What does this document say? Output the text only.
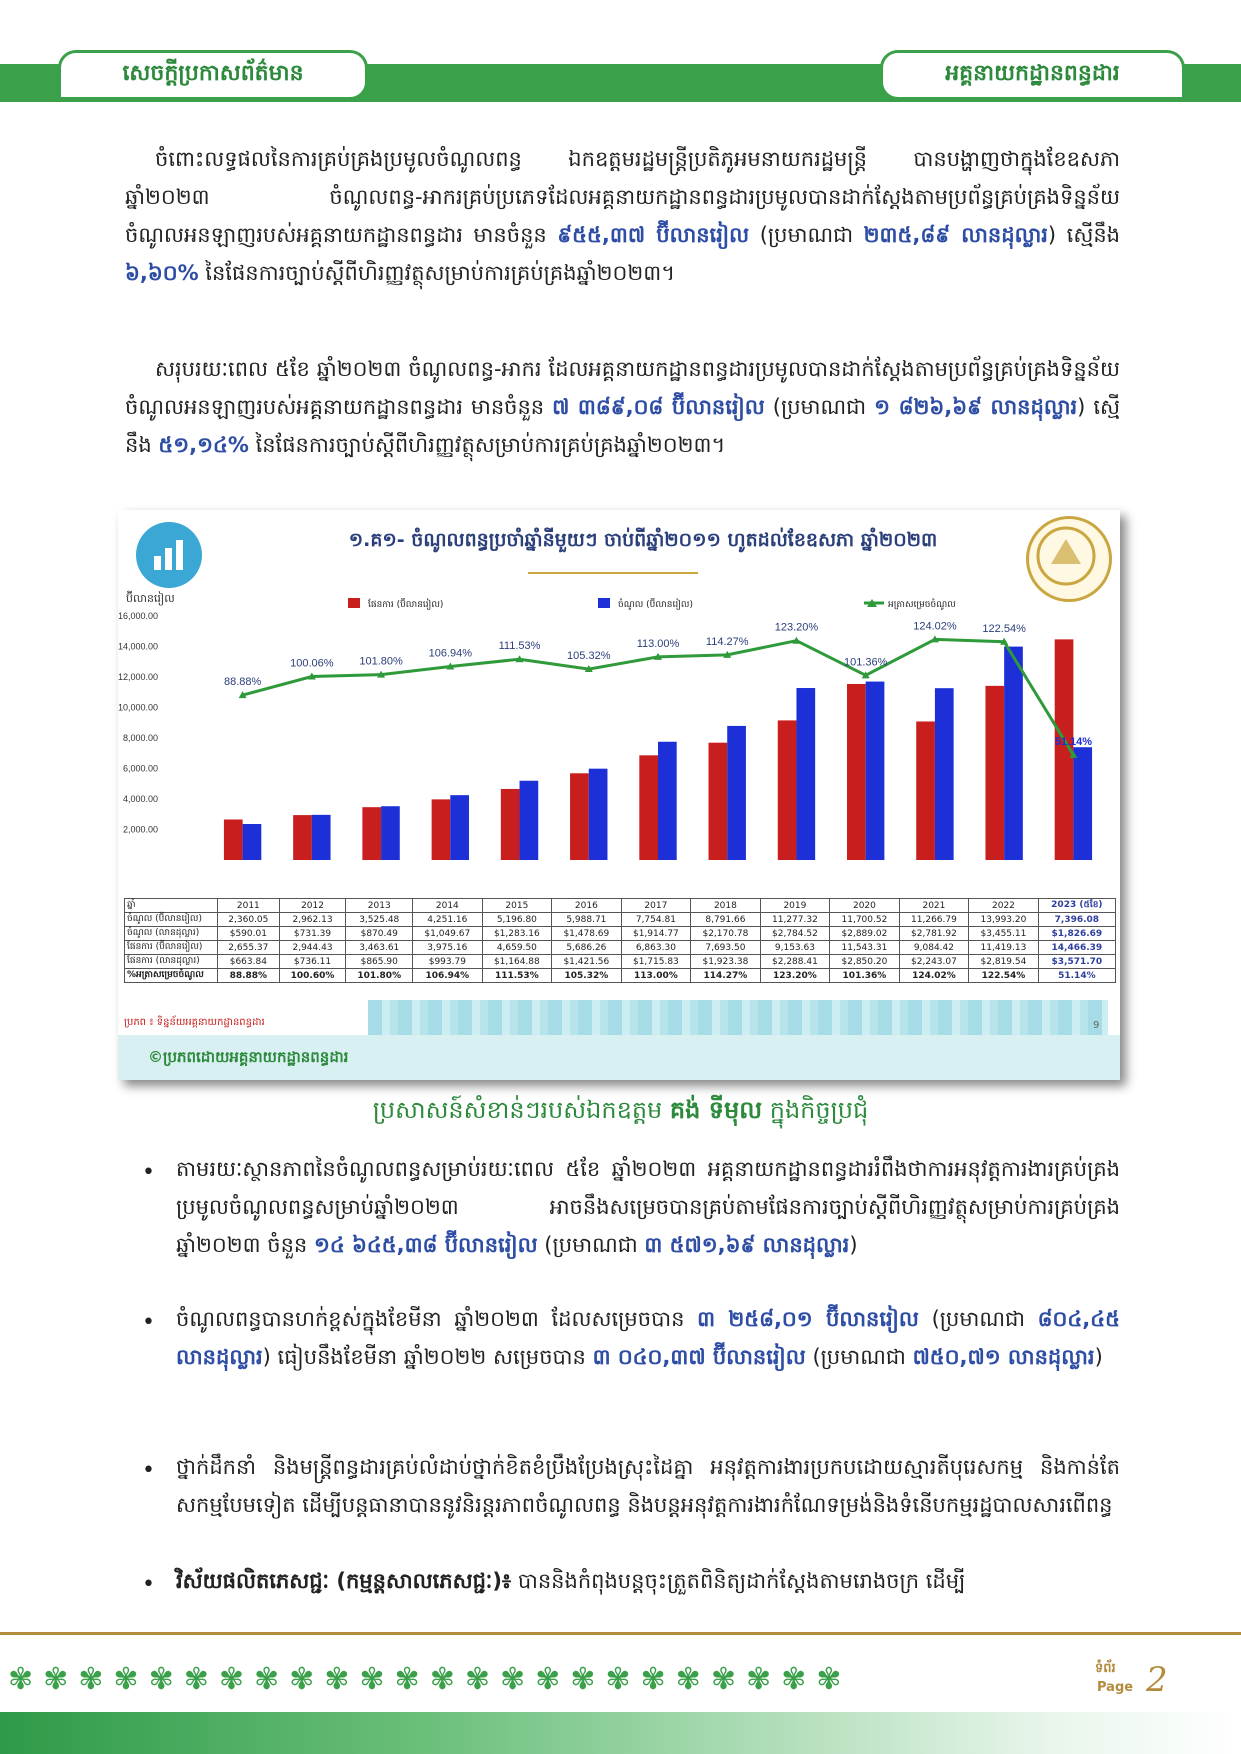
សេចក្តីប្រកាសព័ត៌មាន	អគ្គនាយកដ្ឋានពន្ធដារ
ចំពោះលទ្ធផលនៃការគ្រប់គ្រងប្រមូលចំណូលពន្ធ ឯកឧត្តមរដ្ឋមន្ត្រីប្រតិភូអមនាយករដ្ឋមន្ត្រី បានបង្ហាញថាក្នុងខែឧសភា ឆ្នាំ២០២៣ ចំណូលពន្ធ-អាករគ្រប់ប្រភេទដែលអគ្គនាយកដ្ឋានពន្ធដារប្រមូលបានដាក់ស្តែងតាមប្រព័ន្ធគ្រប់គ្រងទិន្នន័យចំណូលអនឡាញរបស់អគ្គនាយកដ្ឋានពន្ធដារ មានចំនួន ៩៥៥,៣៧ ប៊ីលានរៀល (ប្រមាណជា ២៣៥,៨៩ លានដុល្លារ) ស្មើនឹង ៦,៦០% នៃផែនការច្បាប់ស្តីពីហិរញ្ញវត្ថុសម្រាប់ការគ្រប់គ្រងឆ្នាំ២០២៣។
សរុបរយៈពេល ៥ខែ ឆ្នាំ២០២៣ ចំណូលពន្ធ-អាករ ដែលអគ្គនាយកដ្ឋានពន្ធដារប្រមូលបានដាក់ស្តែងតាមប្រព័ន្ធគ្រប់គ្រងទិន្នន័យចំណូលអនឡាញរបស់អគ្គនាយកដ្ឋានពន្ធដារ មានចំនួន ៧ ៣៨៩,០៨ ប៊ីលានរៀល (ប្រមាណជា ១ ៨២៦,៦៩ លានដុល្លារ) ស្មើនឹង ៥១,១៤% នៃផែនការច្បាប់ស្តីពីហិរញ្ញវត្ថុសម្រាប់ការគ្រប់គ្រងឆ្នាំ២០២៣។
១.គ១- ចំណូលពន្ធប្រចាំឆ្នាំនីមួយៗ ចាប់ពីឆ្នាំ២០១១ ហូតដល់ខែឧសភា ឆ្នាំ២០២៣
ប៊ីលានរៀល
2,000.00
4,000.00
6,000.00
8,000.00
10,000.00
12,000.00
14,000.00
16,000.00
ផែនការ (ប៊ីលានរៀល)	ចំណូល (ប៊ីលានរៀល)	អត្រាសម្រេចចំណូល
88.88%
100.06% 101.80%
106.94%
111.53%
105.32%
113.00% 114.27%
123.20%
101.36%
124.02% 122.54%
51.14%
ឆ្នាំ	2011	2012	2013	2014	2015	2016	2017	2018	2019	2020	2021	2022	2023 (៥ខែ)
ចំណូល (ប៊ីលានរៀល)	2,360.05	2,962.13	3,525.48	4,251.16	5,196.80	5,988.71	7,754.81	8,791.66	11,277.32	11,700.52	11,266.79	13,993.20	7,396.08
ចំណូល (លានដុល្លារ)	$590.01	$731.39	$870.49	$1,049.67	$1,283.16	$1,478.69	$1,914.77	$2,170.78	$2,784.52	$2,889.02	$2,781.92	$3,455.11	$1,826.69
ផែនការ (ប៊ីលានរៀល)	2,655.37	2,944.43	3,463.61	3,975.16	4,659.50	5,686.26	6,863.30	7,693.50	9,153.63	11,543.31	9,084.42	11,419.13	14,466.39
ផែនការ (លានដុល្លារ)	$663.84	$736.11	$865.90	$993.79	$1,164.88	$1,421.56	$1,715.83	$1,923.38	$2,288.41	$2,850.20	$2,243.07	$2,819.54	$3,571.70
%អត្រាសម្រេចចំណូល	88.88%	100.60%	101.80%	106.94%	111.53%	105.32%	113.00%	114.27%	123.20%	101.36%	124.02%	122.54%	51.14%
ប្រភព ៖ ទិន្នន័យអគ្គនាយកដ្ឋានពន្ធដារ
©ប្រភពដោយអគ្គនាយកដ្ឋានពន្ធដារ
9
ប្រសាសន៍សំខាន់ៗរបស់ឯកឧត្តម គង់ ទីមុល ក្នុងកិច្ចប្រជុំ
• តាមរយៈស្ថានភាពនៃចំណូលពន្ធសម្រាប់រយៈពេល ៥ខែ ឆ្នាំ២០២៣ អគ្គនាយកដ្ឋានពន្ធដាររំពឹងថាការអនុវត្តការងារគ្រប់គ្រងប្រមូលចំណូលពន្ធសម្រាប់ឆ្នាំ២០២៣ អាចនឹងសម្រេចបានគ្រប់តាមផែនការច្បាប់ស្តីពីហិរញ្ញវត្ថុសម្រាប់ការគ្រប់គ្រងឆ្នាំ២០២៣ ចំនួន ១៤ ៦៤៥,៣៨ ប៊ីលានរៀល (ប្រមាណជា ៣ ៥៧១,៦៩ លានដុល្លារ)
• ចំណូលពន្ធបានហក់ខ្ពស់ក្នុងខែមីនា ឆ្នាំ២០២៣ ដែលសម្រេចបាន ៣ ២៥៨,០១ ប៊ីលានរៀល (ប្រមាណជា ៨០៤,៤៥ លានដុល្លារ) ធៀបនឹងខែមីនា ឆ្នាំ២០២២ សម្រេចបាន ៣ ០៤០,៣៧ ប៊ីលានរៀល (ប្រមាណជា ៧៥០,៧១ លានដុល្លារ)
• ថ្នាក់ដឹកនាំ និងមន្ត្រីពន្ធដារគ្រប់លំដាប់ថ្នាក់ខិតខំប្រឹងប្រែងស្រុះដៃគ្នា អនុវត្តការងារប្រកបដោយស្មារតីបុរេសកម្ម និងកាន់តែសកម្មបែមទៀត ដើម្បីបន្តធានាបាននូវនិរន្តរភាពចំណូលពន្ធ និងបន្តអនុវត្តការងារកំណែទម្រង់និងទំនើបកម្មរដ្ឋបាលសារពើពន្ធ
• វិស័យផលិតភេសជ្ជៈ (កម្មន្តសាលភេសជ្ជៈ)៖ បាននិងកំពុងបន្តចុះត្រួតពិនិត្យដាក់ស្តែងតាមរោងចក្រ ដើម្បី
✾ ✾ ✾ ✾ ✾ ✾ ✾ ✾ ✾ ✾ ✾ ✾ ✾ ✾ ✾ ✾ ✾ ✾ ✾ ✾ ✾ ✾ ✾ ✾	ទំព័រ
Page 2
